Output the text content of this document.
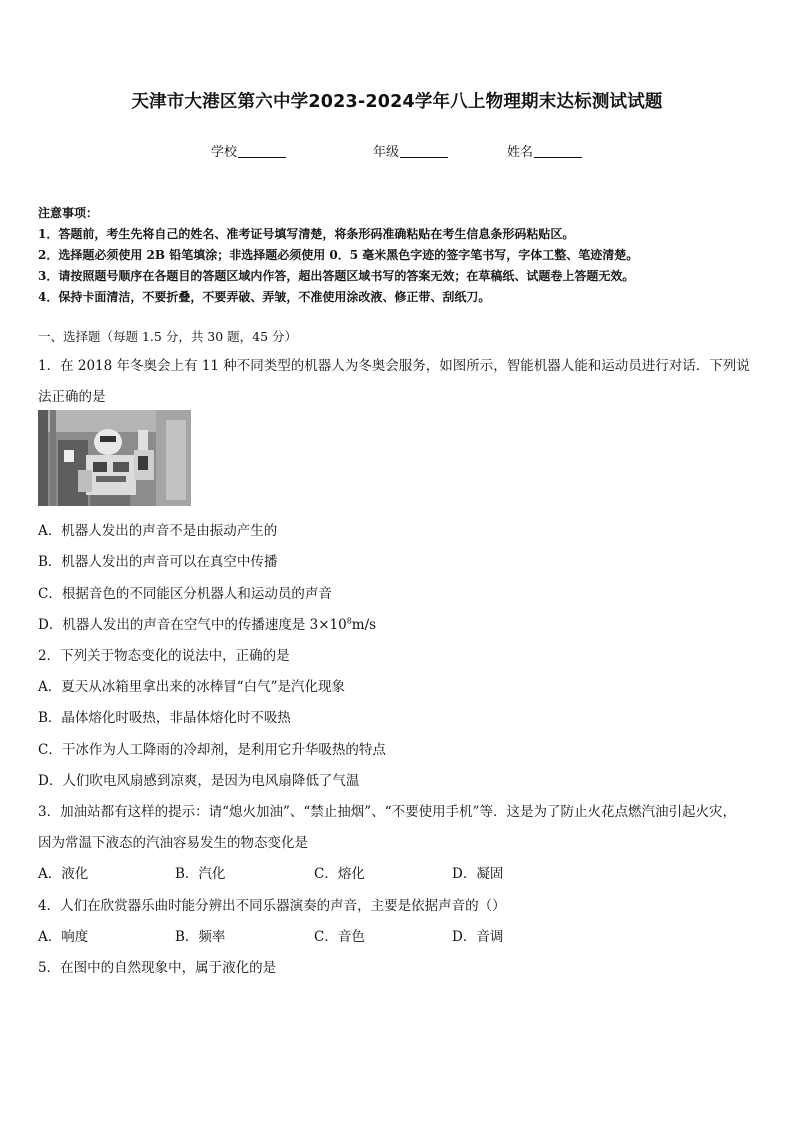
天津市大港区第六中学2023-2024学年八上物理期末达标测试试题
学校	年级	姓名
注意事项：
1．答题前，考生先将自己的姓名、准考证号填写清楚，将条形码准确粘贴在考生信息条形码粘贴区。
2．选择题必须使用 2B 铅笔填涂；非选择题必须使用 0．5 毫米黑色字迹的签字笔书写，字体工整、笔迹清楚。
3．请按照题号顺序在各题目的答题区域内作答，超出答题区域书写的答案无效；在草稿纸、试题卷上答题无效。
4．保持卡面清洁，不要折叠，不要弄破、弄皱，不准使用涂改液、修正带、刮纸刀。
一、选择题（每题 1.5 分，共 30 题，45 分）
1．在 2018 年冬奥会上有 11 种不同类型的机器人为冬奥会服务，如图所示，智能机器人能和运动员进行对话．下列说
法正确的是
A．机器人发出的声音不是由振动产生的
B．机器人发出的声音可以在真空中传播
C．根据音色的不同能区分机器人和运动员的声音
D．机器人发出的声音在空气中的传播速度是 $3\times 10^8m/s$
2．下列关于物态变化的说法中，正确的是
A．夏天从冰箱里拿出来的冰棒冒“白气”是汽化现象
B．晶体熔化时吸热，非晶体熔化时不吸热
C．干冰作为人工降雨的冷却剂，是利用它升华吸热的特点
D．人们吹电风扇感到凉爽，是因为电风扇降低了气温
3．加油站都有这样的提示：请“熄火加油”、“禁止抽烟”、“不要使用手机”等．这是为了防止火花点燃汽油引起火灾，
因为常温下液态的汽油容易发生的物态变化是
A．液化	B．汽化	C．熔化	D．凝固
4．人们在欣赏器乐曲时能分辨出不同乐器演奏的声音，主要是依据声音的（）
A．响度	B．频率	C．音色	D．音调
5．在图中的自然现象中，属于液化的是
